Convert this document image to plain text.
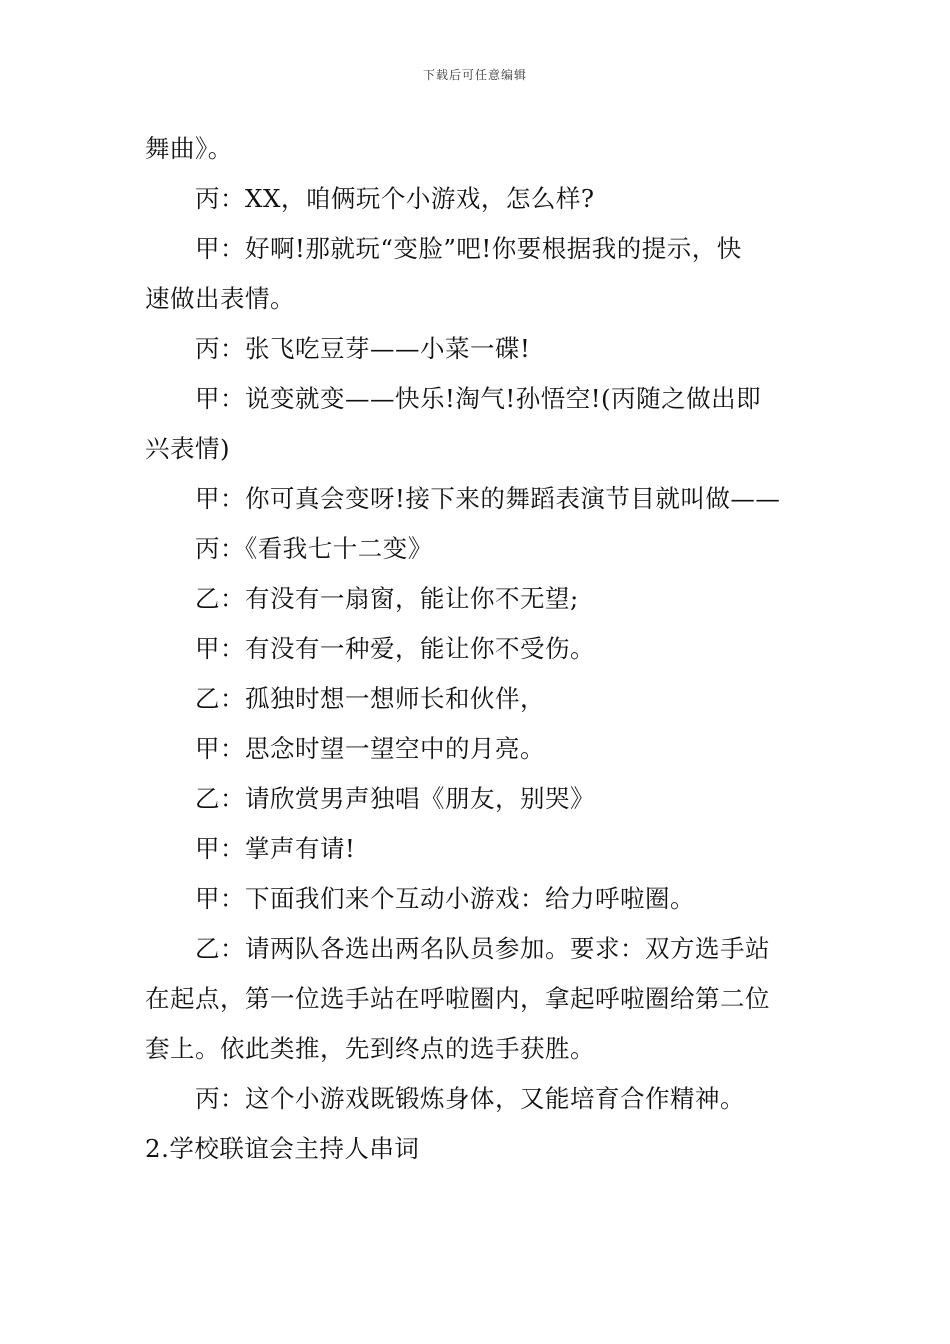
下载后可任意编辑
舞曲》。
丙：XX，咱俩玩个小游戏，怎么样?
甲：好啊!那就玩“变脸”吧!你要根据我的提示，快
速做出表情。
丙：张飞吃豆芽——小菜一碟!
甲：说变就变——快乐!淘气!孙悟空!(丙随之做出即
兴表情)
甲：你可真会变呀!接下来的舞蹈表演节目就叫做——
丙：《看我七十二变》
乙：有没有一扇窗，能让你不无望;
甲：有没有一种爱，能让你不受伤。
乙：孤独时想一想师长和伙伴，
甲：思念时望一望空中的月亮。
乙：请欣赏男声独唱《朋友，别哭》
甲：掌声有请!
甲：下面我们来个互动小游戏：给力呼啦圈。
乙：请两队各选出两名队员参加。要求：双方选手站
在起点，第一位选手站在呼啦圈内，拿起呼啦圈给第二位
套上。依此类推，先到终点的选手获胜。
丙：这个小游戏既锻炼身体，又能培育合作精神。
2.学校联谊会主持人串词
